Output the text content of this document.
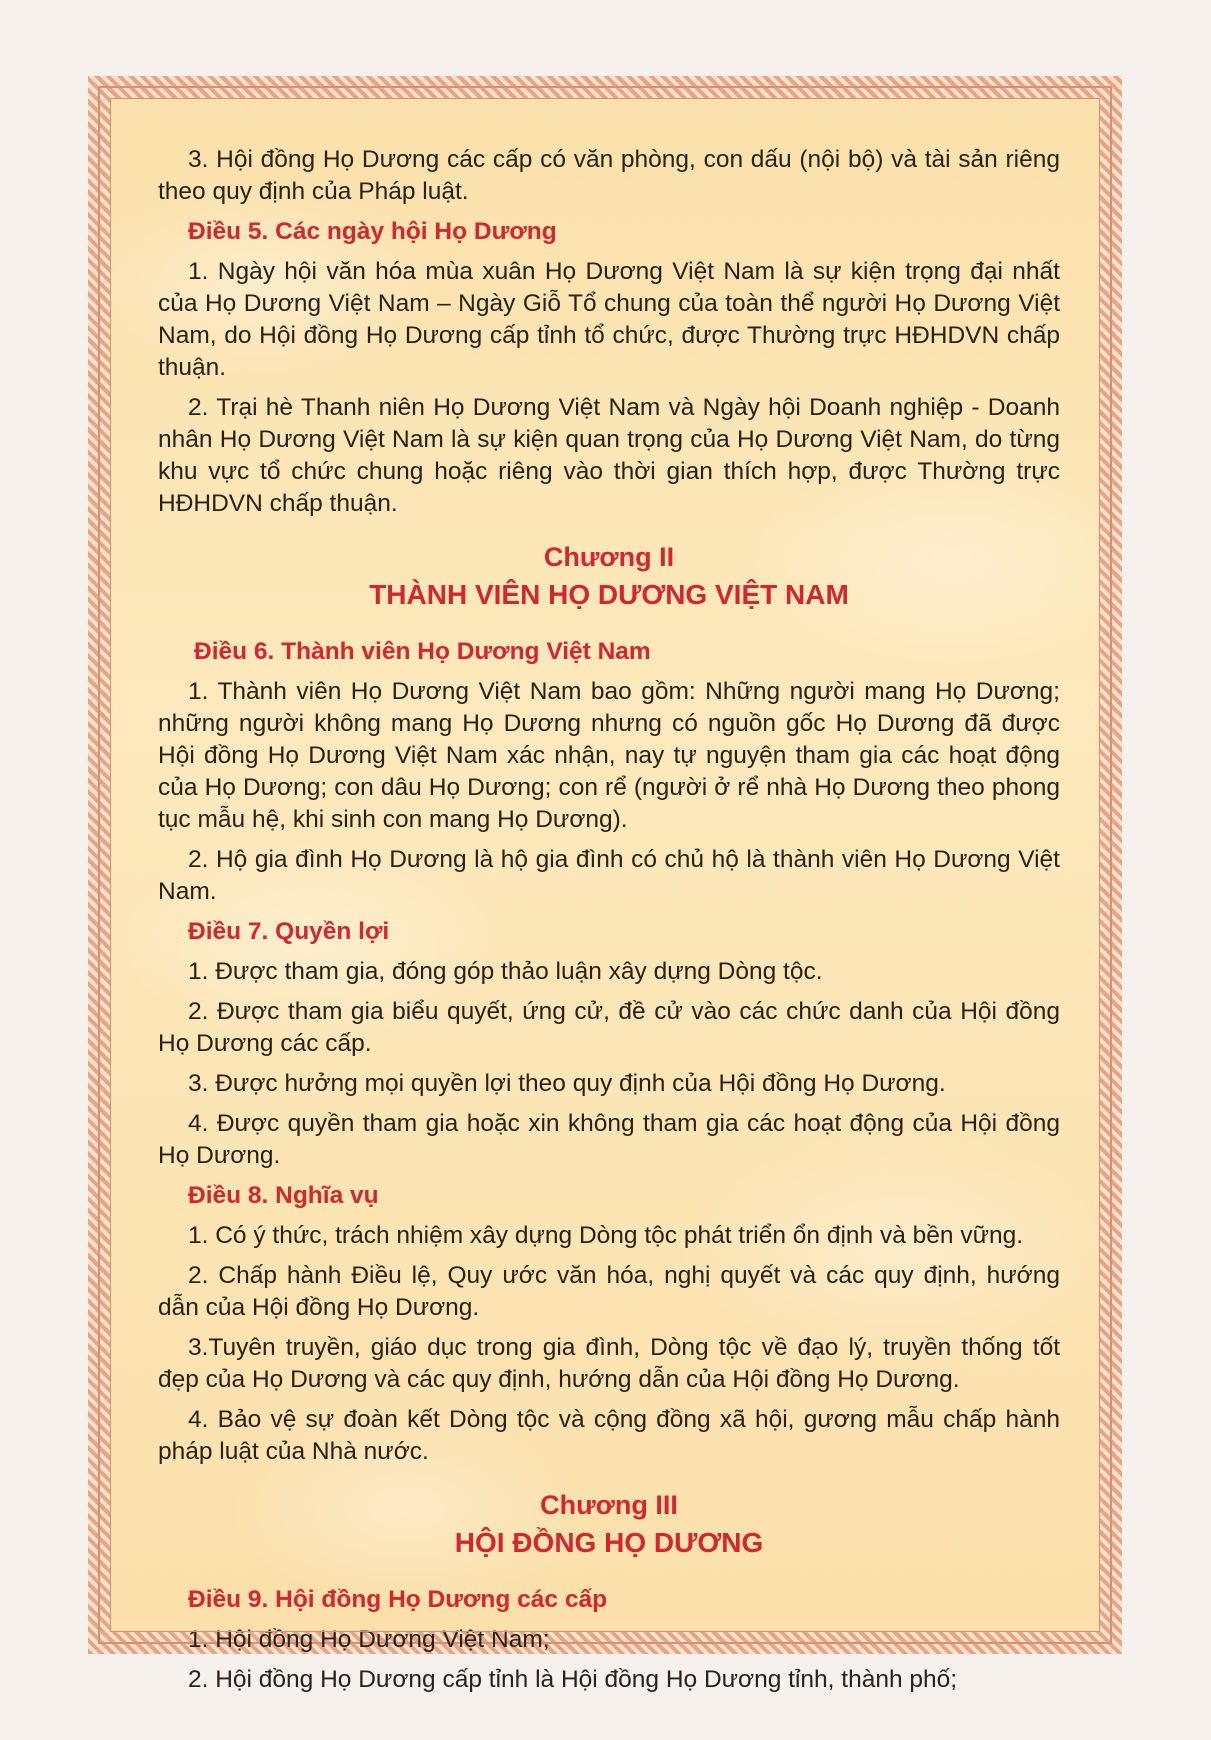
3. Hội đồng Họ Dương các cấp có văn phòng, con dấu (nội bộ) và tài sản riêng theo quy định của Pháp luật.

Điều 5. Các ngày hội Họ Dương

1. Ngày hội văn hóa mùa xuân Họ Dương Việt Nam là sự kiện trọng đại nhất của Họ Dương Việt Nam – Ngày Giỗ Tổ chung của toàn thể người Họ Dương Việt Nam, do Hội đồng Họ Dương cấp tỉnh tổ chức, được Thường trực HĐHDVN chấp thuận.

2. Trại hè Thanh niên Họ Dương Việt Nam và Ngày hội Doanh nghiệp - Doanh nhân Họ Dương Việt Nam là sự kiện quan trọng của Họ Dương Việt Nam, do từng khu vực tổ chức chung hoặc riêng vào thời gian thích hợp, được Thường trực HĐHDVN chấp thuận.

Chương II
THÀNH VIÊN HỌ DƯƠNG VIỆT NAM
Điều 6. Thành viên Họ Dương Việt Nam

1. Thành viên Họ Dương Việt Nam bao gồm: Những người mang Họ Dương; những người không mang Họ Dương nhưng có nguồn gốc Họ Dương đã được Hội đồng Họ Dương Việt Nam xác nhận, nay tự nguyện tham gia các hoạt động của Họ Dương; con dâu Họ Dương; con rể (người ở rể nhà Họ Dương theo phong tục mẫu hệ, khi sinh con mang Họ Dương).

2. Hộ gia đình Họ Dương là hộ gia đình có chủ hộ là thành viên Họ Dương Việt Nam.

Điều 7. Quyền lợi

1. Được tham gia, đóng góp thảo luận xây dựng Dòng tộc.

2. Được tham gia biểu quyết, ứng cử, đề cử vào các chức danh của Hội đồng Họ Dương các cấp.

3. Được hưởng mọi quyền lợi theo quy định của Hội đồng Họ Dương.

4. Được quyền tham gia hoặc xin không tham gia các hoạt động của Hội đồng Họ Dương.

Điều 8. Nghĩa vụ

1. Có ý thức, trách nhiệm xây dựng Dòng tộc phát triển ổn định và bền vững.

2. Chấp hành Điều lệ, Quy ước văn hóa, nghị quyết và các quy định, hướng dẫn của Hội đồng Họ Dương.

3.Tuyên truyền, giáo dục trong gia đình, Dòng tộc về đạo lý, truyền thống tốt đẹp của Họ Dương và các quy định, hướng dẫn của Hội đồng Họ Dương.

4. Bảo vệ sự đoàn kết Dòng tộc và cộng đồng xã hội, gương mẫu chấp hành pháp luật của Nhà nước.

Chương III
HỘI ĐỒNG HỌ DƯƠNG
Điều 9. Hội đồng Họ Dương các cấp

1. Hội đồng Họ Dương Việt Nam;

2. Hội đồng Họ Dương cấp tỉnh là Hội đồng Họ Dương tỉnh, thành phố;
